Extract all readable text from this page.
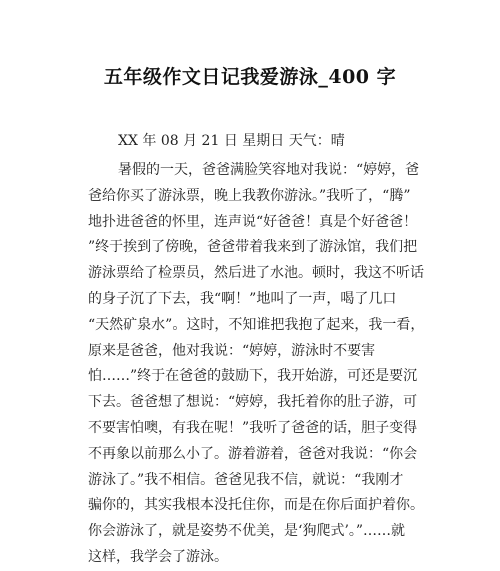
五年级作文日记我爱游泳_400 字
XX 年 08 月 21 日 星期日 天气：晴
暑假的一天，爸爸满脸笑容地对我说：“婷婷，爸
爸给你买了游泳票，晚上我教你游泳。”我听了，“腾”
地扑进爸爸的怀里，连声说“好爸爸！真是个好爸爸！
”终于挨到了傍晚，爸爸带着我来到了游泳馆，我们把
游泳票给了检票员，然后进了水池。顿时，我这不听话
的身子沉了下去，我“啊！”地叫了一声，喝了几口
“天然矿泉水”。这时，不知谁把我抱了起来，我一看，
原来是爸爸，他对我说：“婷婷，游泳时不要害
怕……”终于在爸爸的鼓励下，我开始游，可还是要沉
下去。爸爸想了想说：“婷婷，我托着你的肚子游，可
不要害怕噢，有我在呢！”我听了爸爸的话，胆子变得
不再象以前那么小了。游着游着，爸爸对我说：“你会
游泳了。”我不相信。爸爸见我不信，就说：“我刚才
骗你的，其实我根本没托住你，而是在你后面护着你。
你会游泳了，就是姿势不优美，是‘狗爬式’。”……就
这样，我学会了游泳。
